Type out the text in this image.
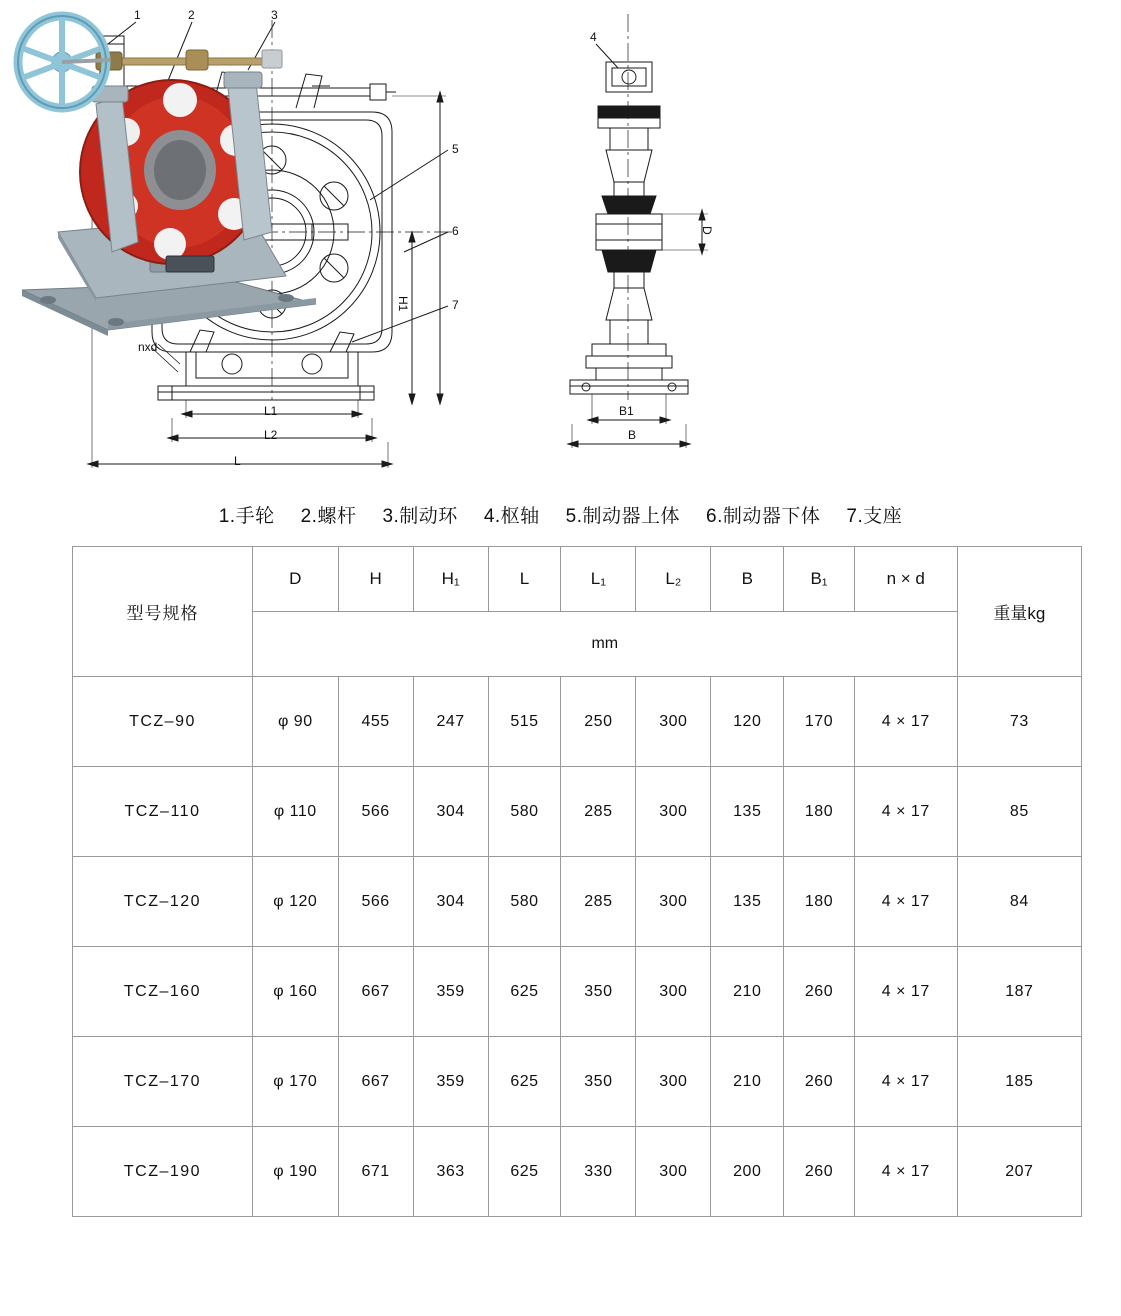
1	2	3
4
5
6
7
nxd
H1
L1
L2
L
B1
B
D
1.手轮 2.螺杆 3.制动环 4.枢轴 5.制动器上体 6.制动器下体 7.支座
型号规格	D	H	H₁	L	L₁	L₂	B	B₁	n × d	重量kg
	mm									
TCZ–90	φ 90	455	247	515	250	300	120	170	4 × 17	73
TCZ–110	φ 110	566	304	580	285	300	135	180	4 × 17	85
TCZ–120	φ 120	566	304	580	285	300	135	180	4 × 17	84
TCZ–160	φ 160	667	359	625	350	300	210	260	4 × 17	187
TCZ–170	φ 170	667	359	625	350	300	210	260	4 × 17	185
TCZ–190	φ 190	671	363	625	330	300	200	260	4 × 17	207
